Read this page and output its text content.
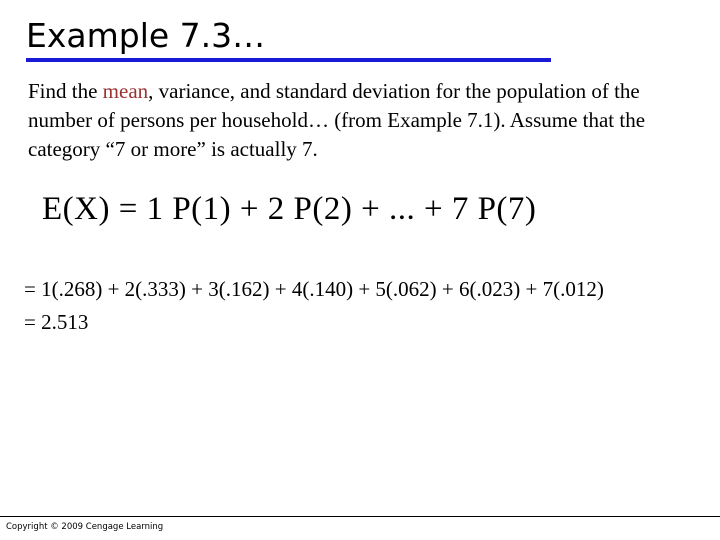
Example 7.3…
Find the mean, variance, and standard deviation for the population of the number of persons per household… (from Example 7.1). Assume that the category “7 or more” is actually 7.
E(X) = 1 P(1) + 2 P(2) + ... + 7 P(7)
= 1(.268) + 2(.333) + 3(.162) + 4(.140) + 5(.062) + 6(.023) + 7(.012)
= 2.513
Copyright © 2009 Cengage Learning
